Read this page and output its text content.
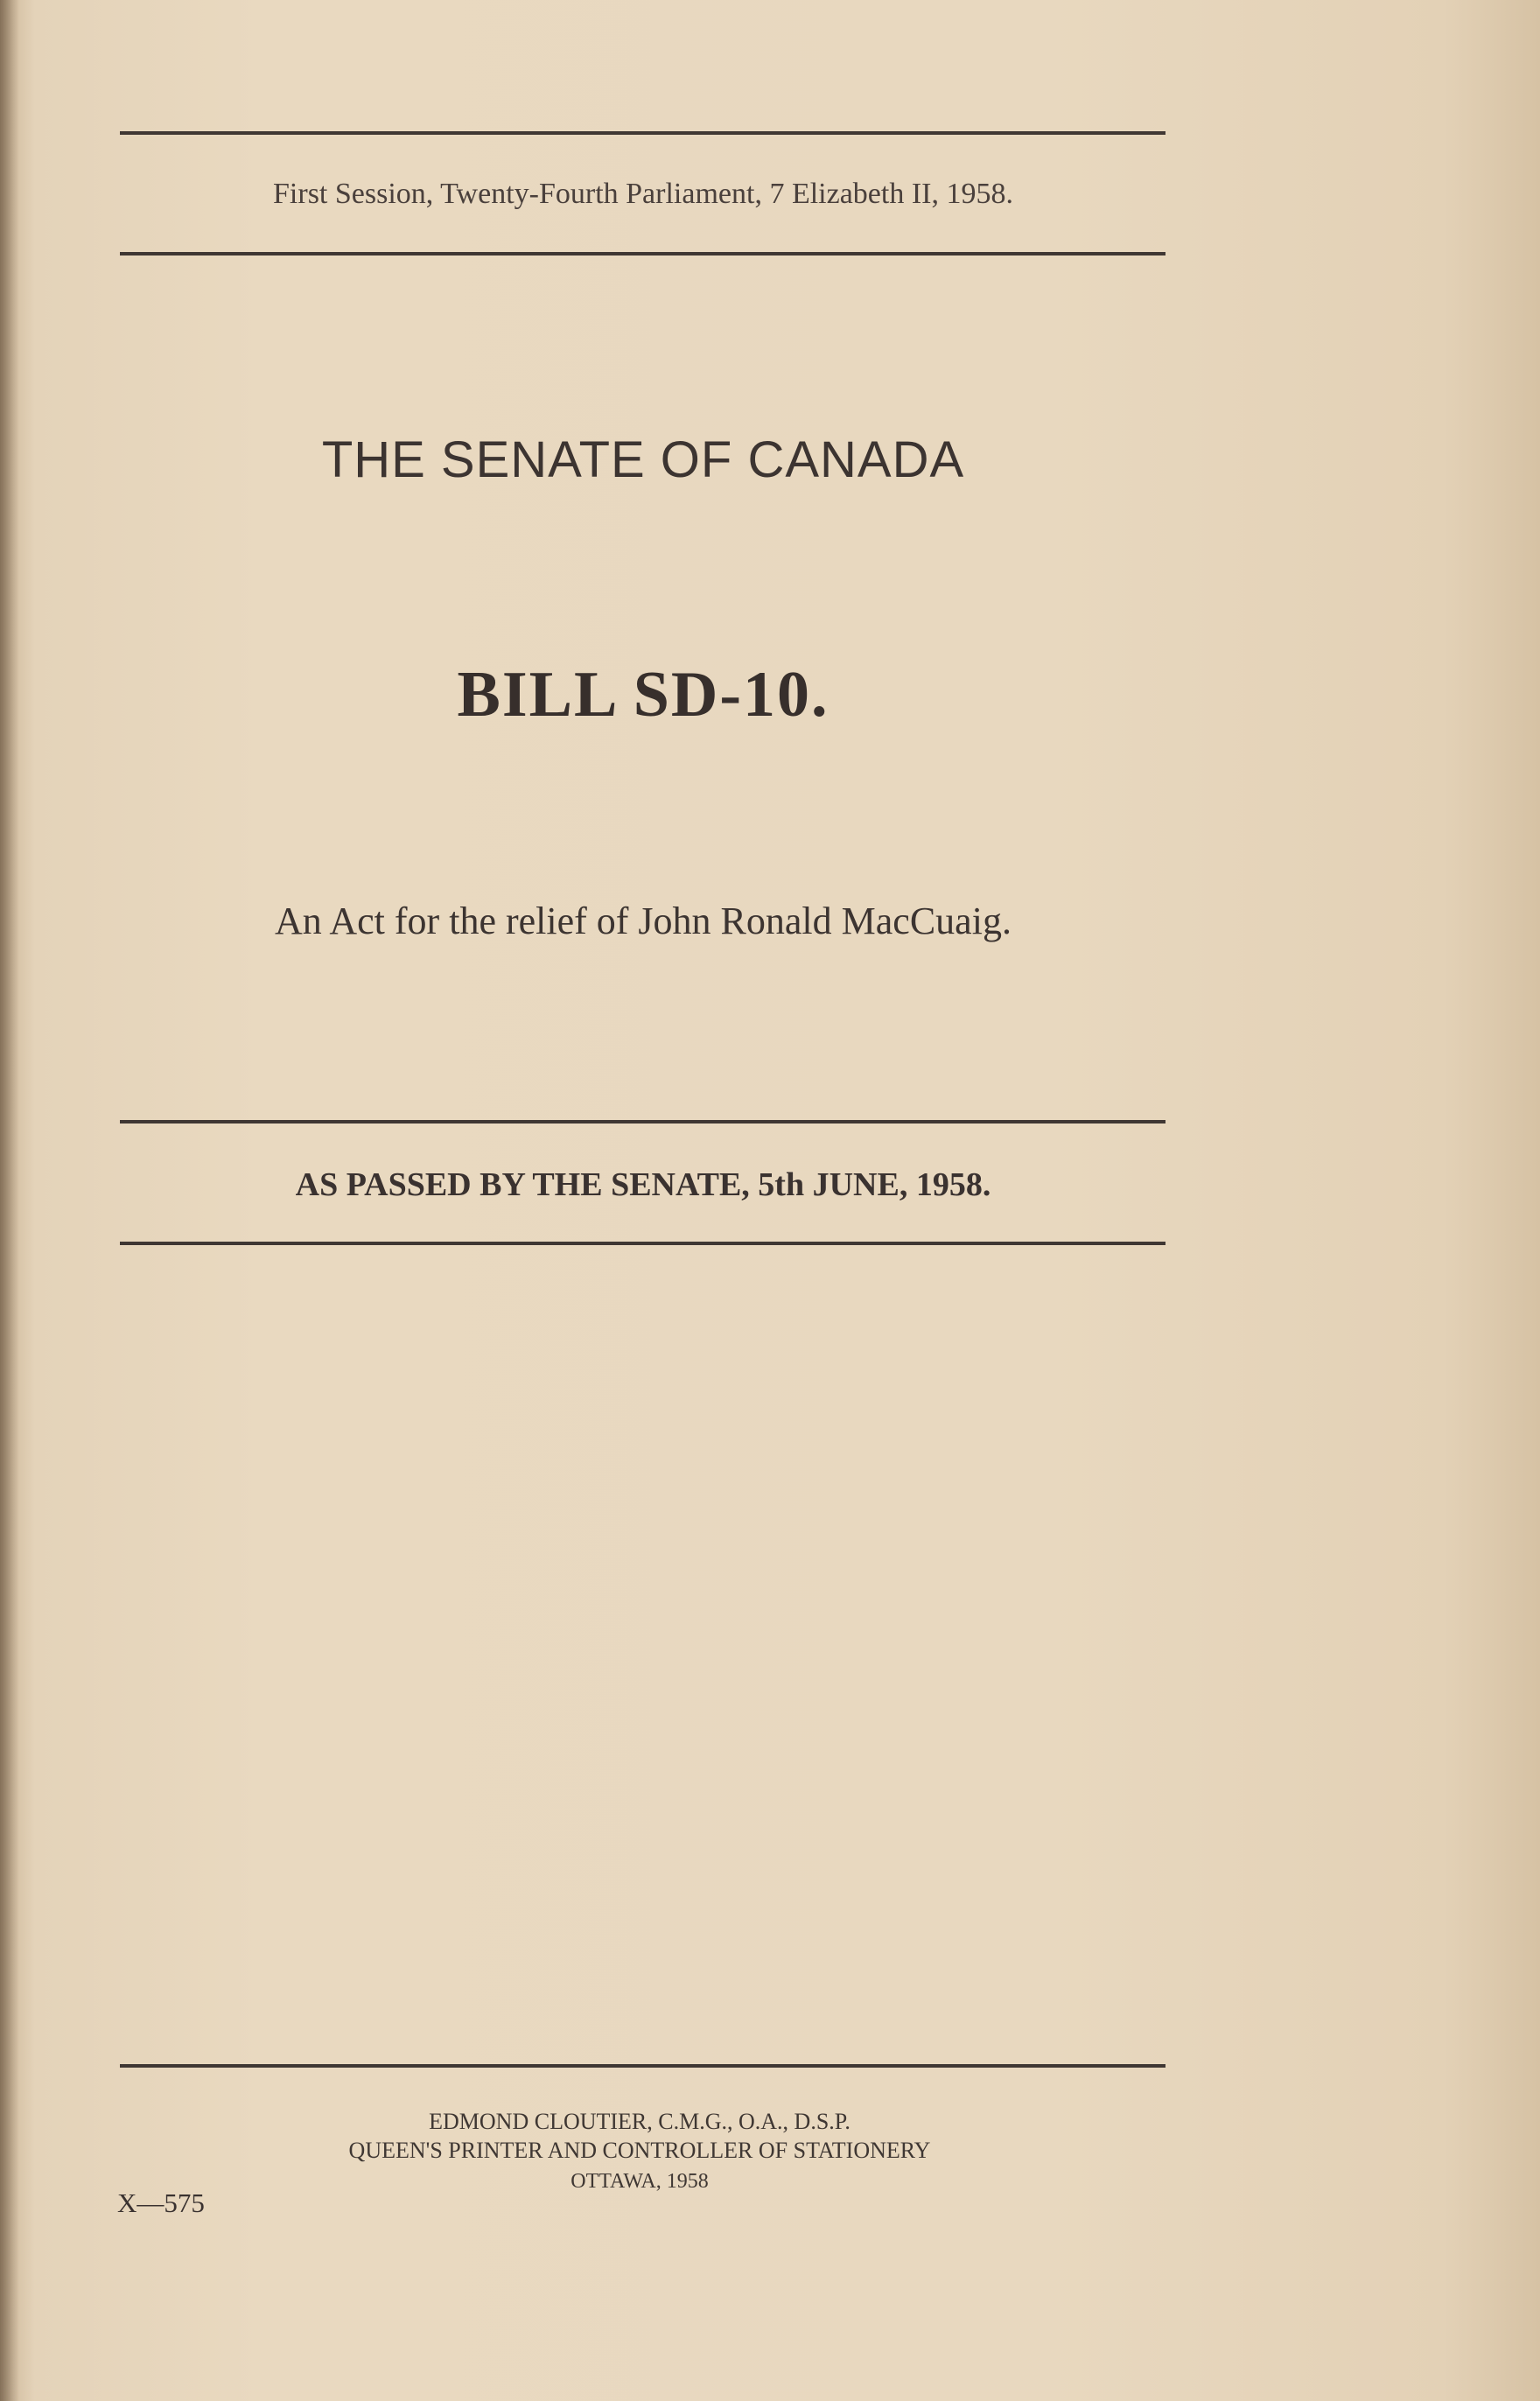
First Session, Twenty-Fourth Parliament, 7 Elizabeth II, 1958.
THE SENATE OF CANADA
BILL SD-10.
An Act for the relief of John Ronald MacCuaig.
AS PASSED BY THE SENATE, 5th JUNE, 1958.
EDMOND CLOUTIER, C.M.G., O.A., D.S.P.
QUEEN'S PRINTER AND CONTROLLER OF STATIONERY
OTTAWA, 1958
X—575
